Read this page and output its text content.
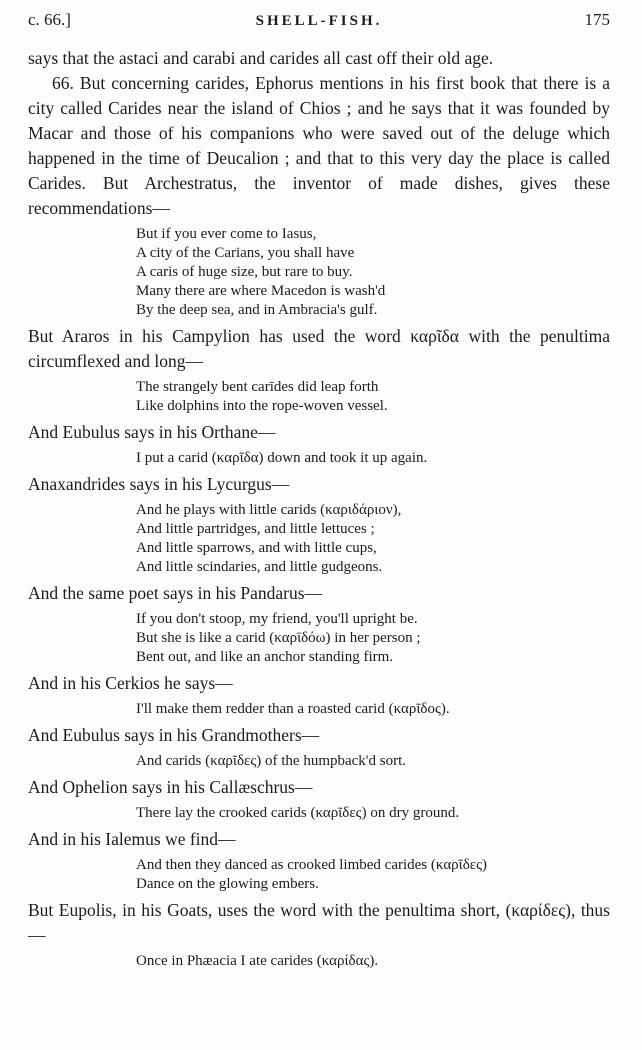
c. 66.]	SHELL-FISH.	175

says that the astaci and carabi and carides all cast off their old age.

66. But concerning carides, Ephorus mentions in his first book that there is a city called Carides near the island of Chios ; and he says that it was founded by Macar and those of his companions who were saved out of the deluge which happened in the time of Deucalion ; and that to this very day the place is called Carides. But Archestratus, the inventor of made dishes, gives these recommendations—

But if you ever come to Iasus,
A city of the Carians, you shall have
A caris of huge size, but rare to buy.
Many there are where Macedon is wash'd
By the deep sea, and in Ambracia's gulf.

But Araros in his Campylion has used the word καρῖδα with the penultima circumflexed and long—

The strangely bent carīdes did leap forth
Like dolphins into the rope-woven vessel.

And Eubulus says in his Orthane—

I put a carid (καρῖδα) down and took it up again.

Anaxandrides says in his Lycurgus—

And he plays with little carids (καριδάριον),
And little partridges, and little lettuces ;
And little sparrows, and with little cups,
And little scindaries, and little gudgeons.

And the same poet says in his Pandarus—

If you don't stoop, my friend, you'll upright be.
But she is like a carid (καρῑδόω) in her person ;
Bent out, and like an anchor standing firm.

And in his Cerkios he says—

I'll make them redder than a roasted carid (καρῖδος).

And Eubulus says in his Grandmothers—

And carids (καρῖδες) of the humpback'd sort.

And Ophelion says in his Callæschrus—

There lay the crooked carids (καρῖδες) on dry ground.

And in his Ialemus we find—

And then they danced as crooked limbed carides (καρῖδες)
Dance on the glowing embers.

But Eupolis, in his Goats, uses the word with the penultima short, (καρίδες), thus—

Once in Phæacia I ate carides (καρίδας).
